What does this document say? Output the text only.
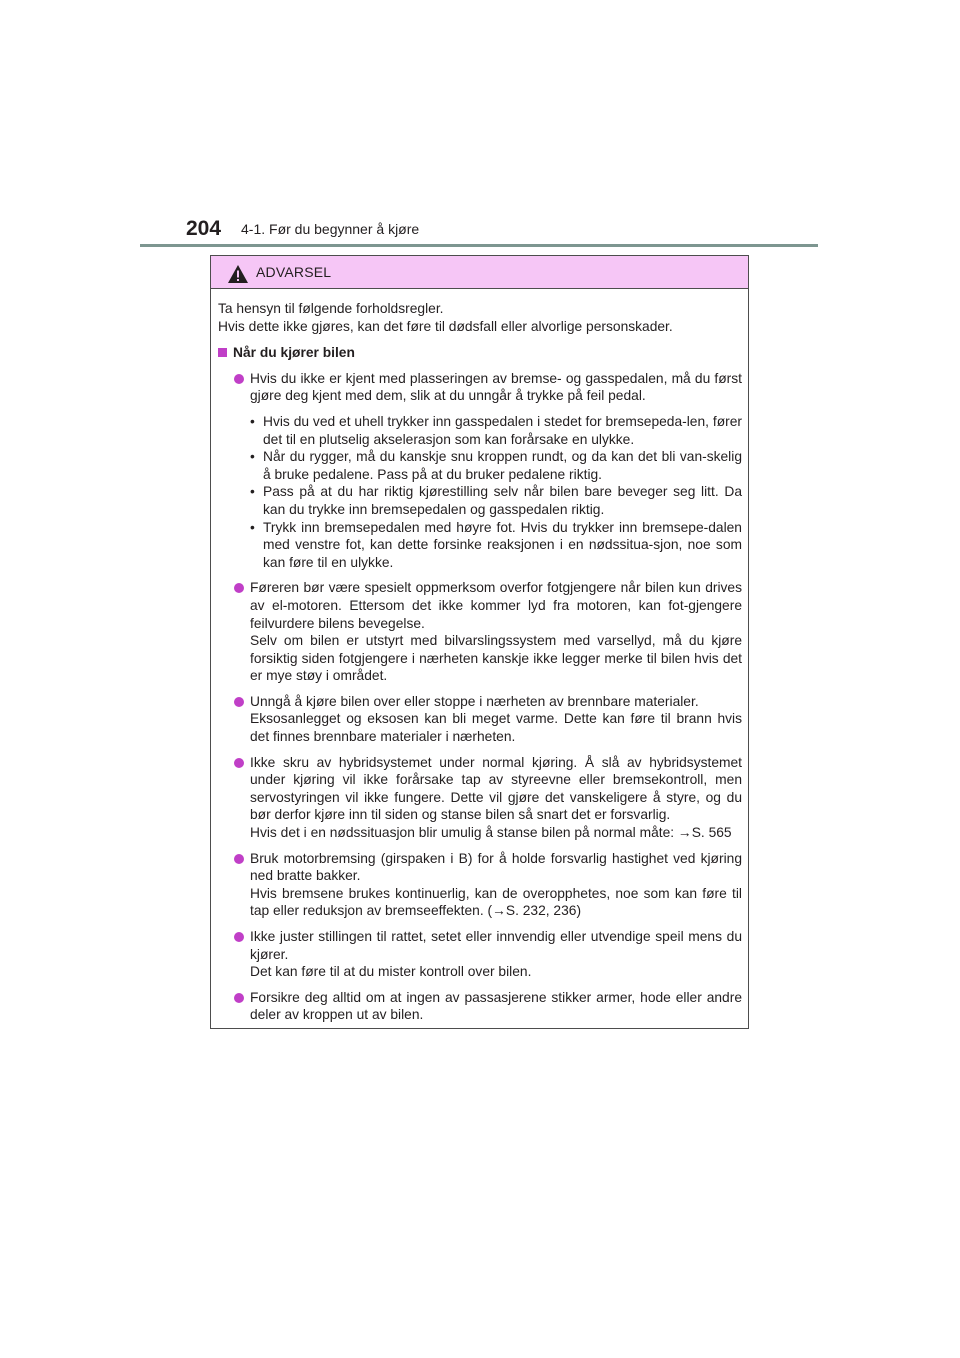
204 4-1. Før du begynner å kjøre
ADVARSEL

Ta hensyn til følgende forholdsregler.

Hvis dette ikke gjøres, kan det føre til dødsfall eller alvorlige personskader.

Når du kjører bilen

Hvis du ikke er kjent med plasseringen av bremse- og gasspedalen, må du først gjøre deg kjent med dem, slik at du unngår å trykke på feil pedal.

• Hvis du ved et uhell trykker inn gasspedalen i stedet for bremsepeda-len, fører det til en plutselig akselerasjon som kan forårsake en ulykke.
• Når du rygger, må du kanskje snu kroppen rundt, og da kan det bli van-skelig å bruke pedalene. Pass på at du bruker pedalene riktig.
• Pass på at du har riktig kjørestilling selv når bilen bare beveger seg litt. Da kan du trykke inn bremsepedalen og gasspedalen riktig.
• Trykk inn bremsepedalen med høyre fot. Hvis du trykker inn bremsepe-dalen med venstre fot, kan dette forsinke reaksjonen i en nødssitua-sjon, noe som kan føre til en ulykke.

Føreren bør være spesielt oppmerksom overfor fotgjengere når bilen kun drives av el-motoren. Ettersom det ikke kommer lyd fra motoren, kan fot-gjengere feilvurdere bilens bevegelse.

Selv om bilen er utstyrt med bilvarslingssystem med varsellyd, må du kjøre forsiktig siden fotgjengere i nærheten kanskje ikke legger merke til bilen hvis det er mye støy i området.

Unngå å kjøre bilen over eller stoppe i nærheten av brennbare materialer.

Eksosanlegget og eksosen kan bli meget varme. Dette kan føre til brann hvis det finnes brennbare materialer i nærheten.

Ikke skru av hybridsystemet under normal kjøring. Å slå av hybridsystemet under kjøring vil ikke forårsake tap av styreevne eller bremsekontroll, men servostyringen vil ikke fungere. Dette vil gjøre det vanskeligere å styre, og du bør derfor kjøre inn til siden og stanse bilen så snart det er forsvarlig.

Hvis det i en nødssituasjon blir umulig å stanse bilen på normal måte: →S. 565

Bruk motorbremsing (girspaken i B) for å holde forsvarlig hastighet ved kjøring ned bratte bakker.

Hvis bremsene brukes kontinuerlig, kan de overopphetes, noe som kan føre til tap eller reduksjon av bremseeffekten. (→S. 232, 236)

Ikke juster stillingen til rattet, setet eller innvendig eller utvendige speil mens du kjører.

Det kan føre til at du mister kontroll over bilen.

Forsikre deg alltid om at ingen av passasjerene stikker armer, hode eller andre deler av kroppen ut av bilen.
